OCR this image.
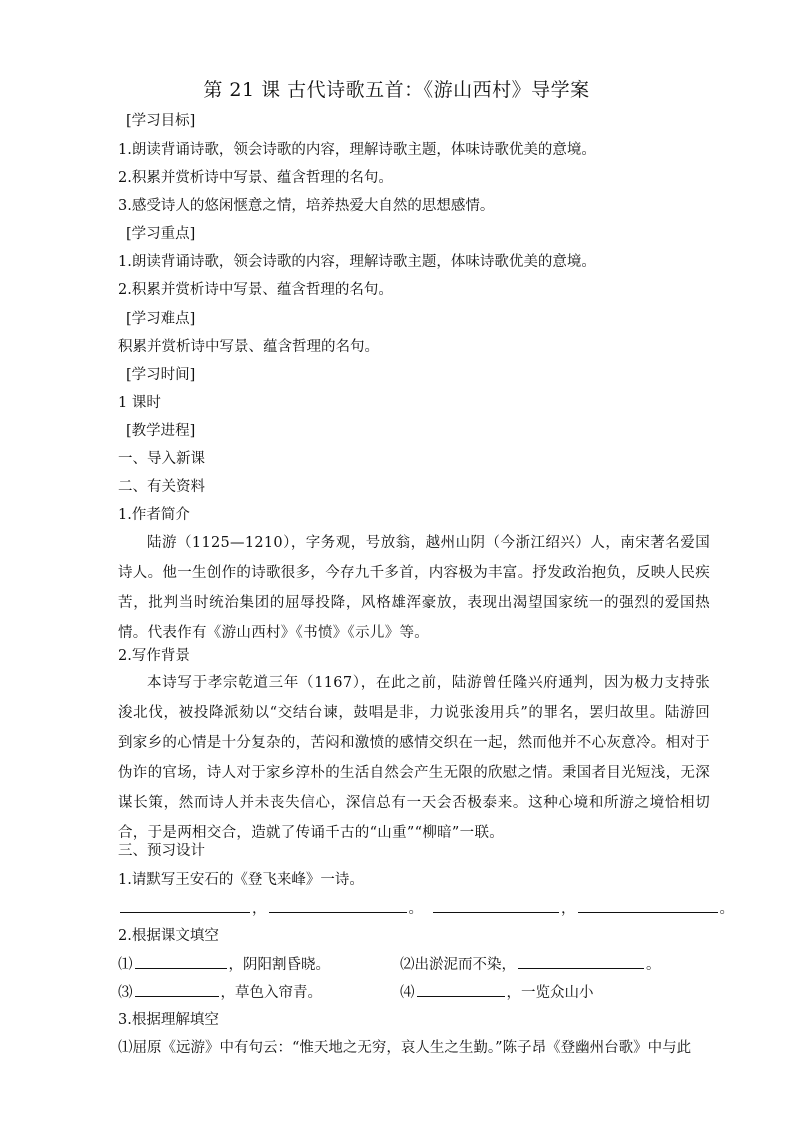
第 21 课 古代诗歌五首：《游山西村》导学案
[学习目标]
1.朗读背诵诗歌，领会诗歌的内容，理解诗歌主题，体味诗歌优美的意境。
2.积累并赏析诗中写景、蕴含哲理的名句。
3.感受诗人的悠闲惬意之情，培养热爱大自然的思想感情。
[学习重点]
1.朗读背诵诗歌，领会诗歌的内容，理解诗歌主题，体味诗歌优美的意境。
2.积累并赏析诗中写景、蕴含哲理的名句。
[学习难点]
积累并赏析诗中写景、蕴含哲理的名句。
[学习时间]
1 课时
[教学进程]
一、导入新课
二、有关资料
1.作者简介
陆游（1125—1210），字务观，号放翁，越州山阴（今浙江绍兴）人，南宋著名爱国诗人。他一生创作的诗歌很多，今存九千多首，内容极为丰富。抒发政治抱负，反映人民疾苦，批判当时统治集团的屈辱投降，风格雄浑豪放，表现出渴望国家统一的强烈的爱国热情。代表作有《游山西村》《书愤》《示儿》等。
2.写作背景
本诗写于孝宗乾道三年（1167），在此之前，陆游曾任隆兴府通判，因为极力支持张浚北伐，被投降派劾以“交结台谏，鼓唱是非，力说张浚用兵”的罪名，罢归故里。陆游回到家乡的心情是十分复杂的，苦闷和激愤的感情交织在一起，然而他并不心灰意冷。相对于伪诈的官场，诗人对于家乡淳朴的生活自然会产生无限的欣慰之情。秉国者目光短浅，无深谋长策，然而诗人并未丧失信心，深信总有一天会否极泰来。这种心境和所游之境恰相切合，于是两相交合，造就了传诵千古的“山重”“柳暗”一联。
三、预习设计
1.请默写王安石的《登飞来峰》一诗。
，	。	，	。
2.根据课文填空
⑴	，阴阳割昏晓。	⑵出淤泥而不染，	。
⑶	，草色入帘青。	⑷	，一览众山小
3.根据理解填空
⑴屈原《远游》中有句云：“惟天地之无穷，哀人生之生勤。”陈子昂《登幽州台歌》中与此
